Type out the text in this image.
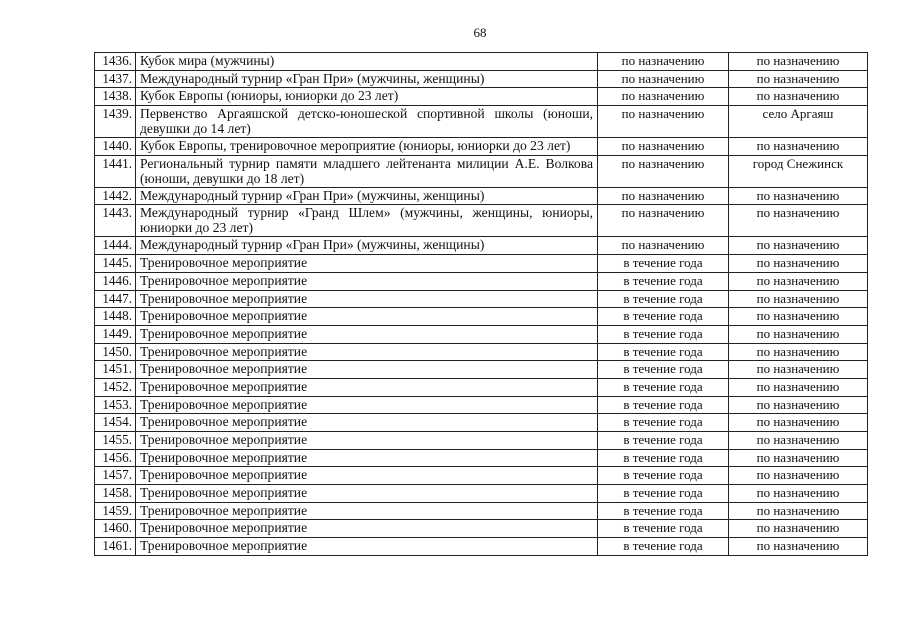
68
1436.	Кубок мира (мужчины)	по назначению	по назначению
1437.	Международный турнир «Гран При» (мужчины, женщины)	по назначению	по назначению
1438.	Кубок Европы (юниоры, юниорки до 23 лет)	по назначению	по назначению
1439.	Первенство Аргаяшской детско-юношеской спортивной школы (юноши, девушки до 14 лет)	по назначению	село Аргаяш
1440.	Кубок Европы, тренировочное мероприятие (юниоры, юниорки до 23 лет)	по назначению	по назначению
1441.	Региональный турнир памяти младшего лейтенанта милиции А.Е. Волкова (юноши, девушки до 18 лет)	по назначению	город Снежинск
1442.	Международный турнир «Гран При» (мужчины, женщины)	по назначению	по назначению
1443.	Международный турнир «Гранд Шлем» (мужчины, женщины, юниоры, юниорки до 23 лет)	по назначению	по назначению
1444.	Международный турнир «Гран При» (мужчины, женщины)	по назначению	по назначению
1445.	Тренировочное мероприятие	в течение года	по назначению
1446.	Тренировочное мероприятие	в течение года	по назначению
1447.	Тренировочное мероприятие	в течение года	по назначению
1448.	Тренировочное мероприятие	в течение года	по назначению
1449.	Тренировочное мероприятие	в течение года	по назначению
1450.	Тренировочное мероприятие	в течение года	по назначению
1451.	Тренировочное мероприятие	в течение года	по назначению
1452.	Тренировочное мероприятие	в течение года	по назначению
1453.	Тренировочное мероприятие	в течение года	по назначению
1454.	Тренировочное мероприятие	в течение года	по назначению
1455.	Тренировочное мероприятие	в течение года	по назначению
1456.	Тренировочное мероприятие	в течение года	по назначению
1457.	Тренировочное мероприятие	в течение года	по назначению
1458.	Тренировочное мероприятие	в течение года	по назначению
1459.	Тренировочное мероприятие	в течение года	по назначению
1460.	Тренировочное мероприятие	в течение года	по назначению
1461.	Тренировочное мероприятие	в течение года	по назначению
